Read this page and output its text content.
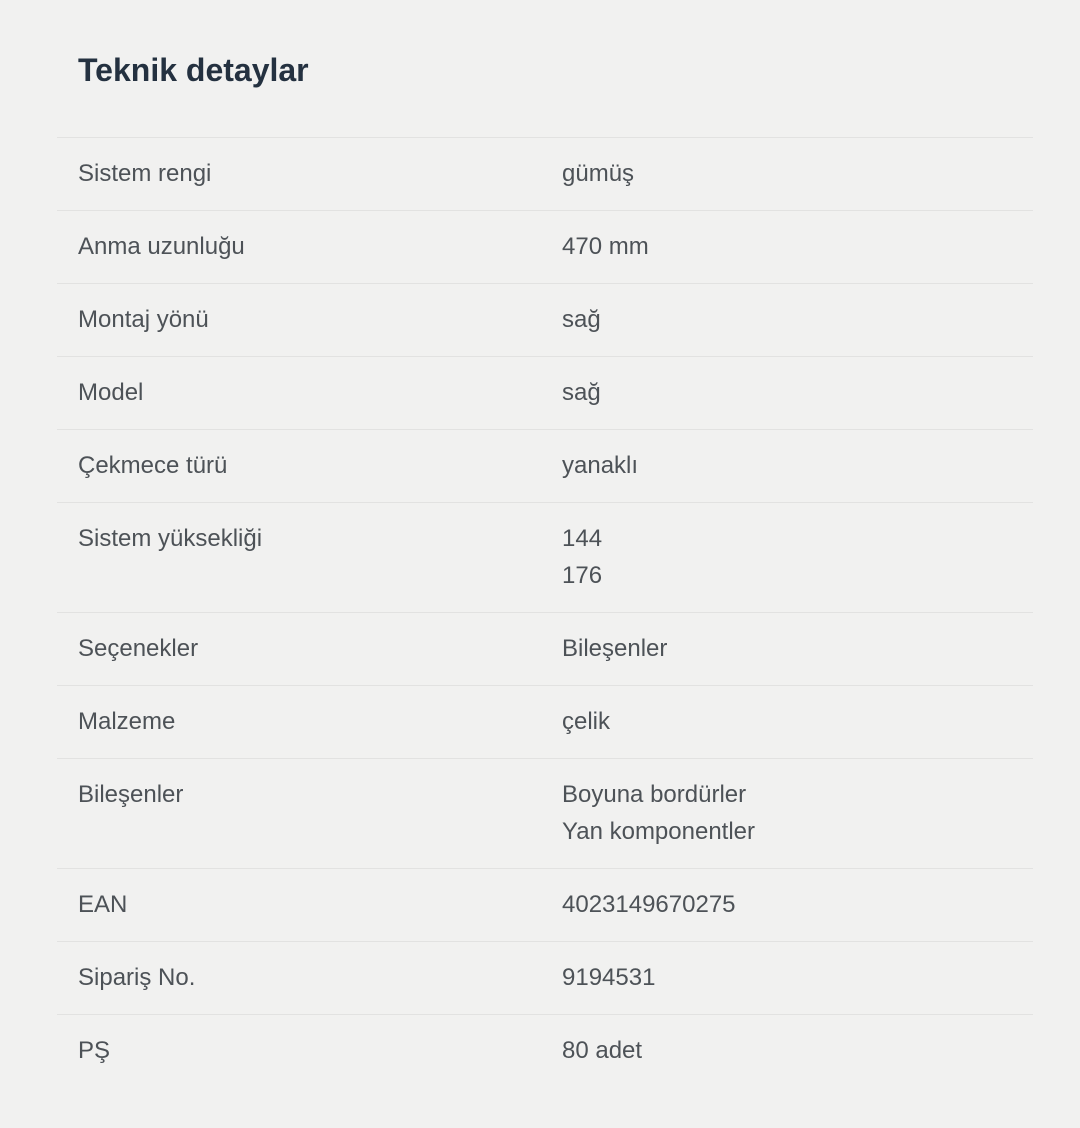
Teknik detaylar
Sistem rengi	gümüş
Anma uzunluğu	470 mm
Montaj yönü	sağ
Model	sağ
Çekmece türü	yanaklı
Sistem yüksekliği	144
176
Seçenekler	Bileşenler
Malzeme	çelik
Bileşenler	Boyuna bordürler
Yan komponentler
EAN	4023149670275
Sipariş No.	9194531
PŞ	80 adet
